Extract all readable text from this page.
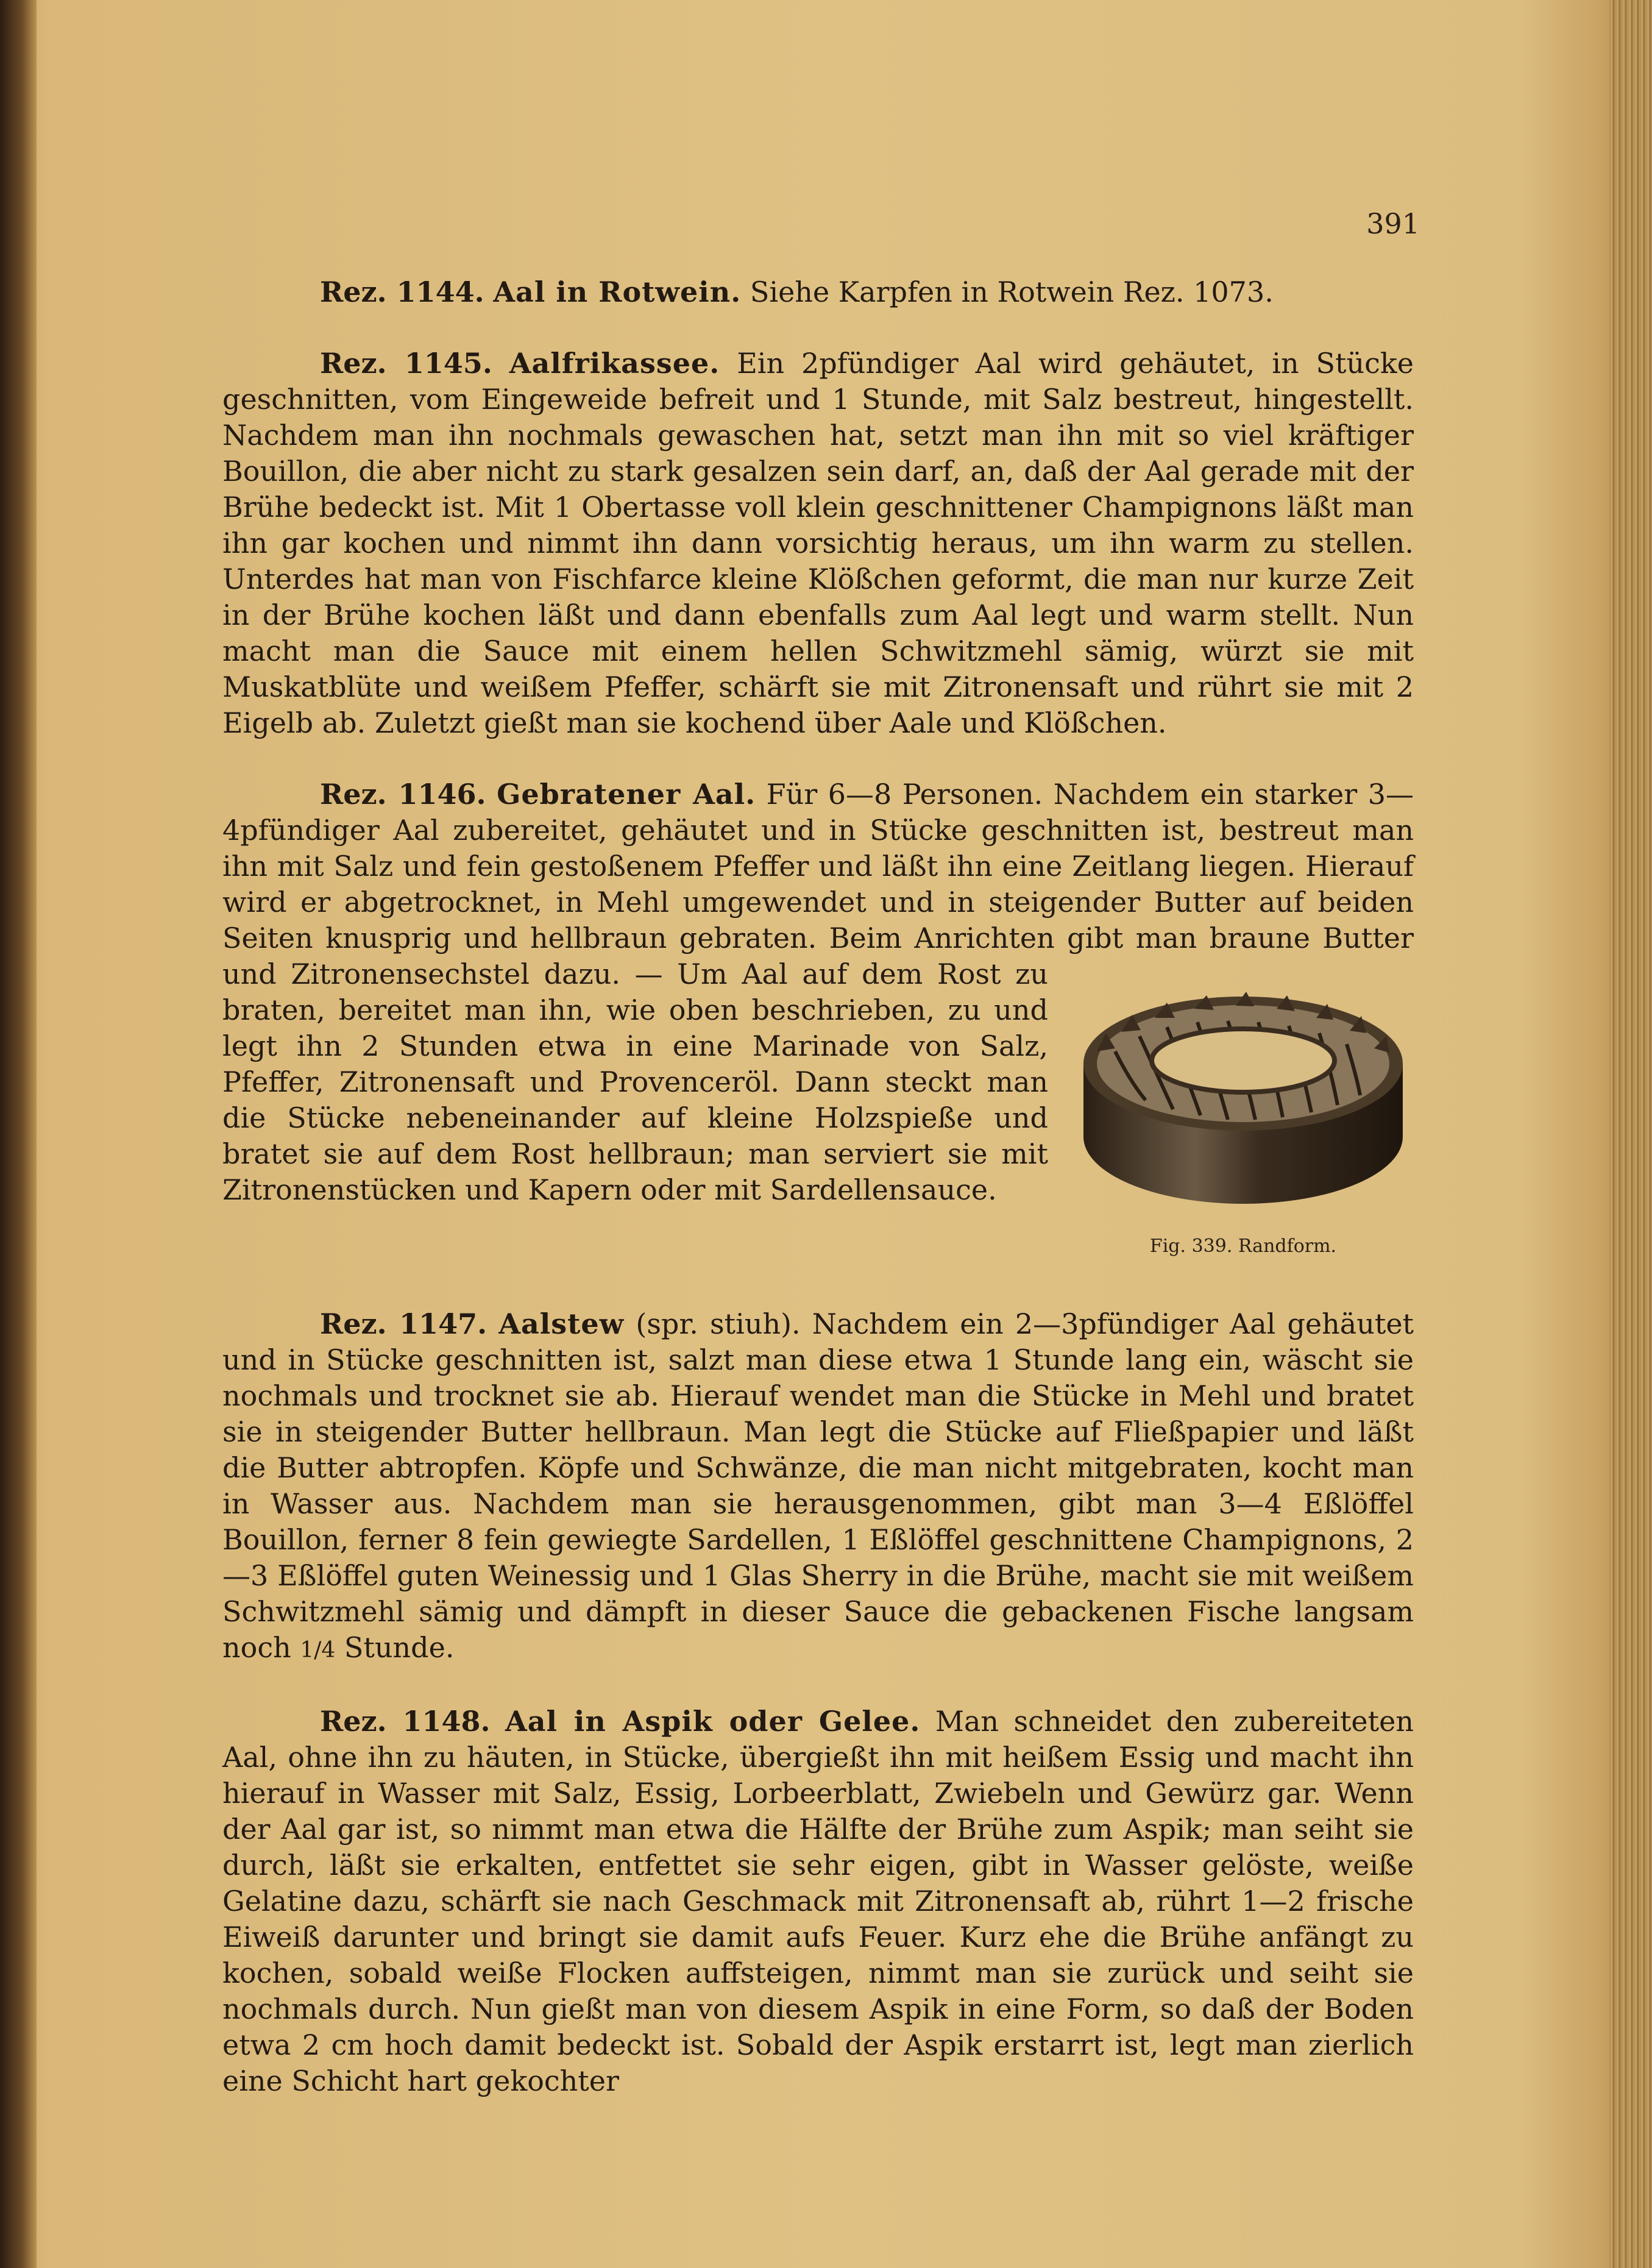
391

Rez. 1144. Aal in Rotwein. Siehe Karpfen in Rotwein Rez. 1073.

Rez. 1145. Aalfrikassee. Ein 2pfündiger Aal wird gehäutet, in Stücke geschnitten, vom Eingeweide befreit und 1 Stunde, mit Salz bestreut, hingestellt. Nachdem man ihn nochmals gewaschen hat, setzt man ihn mit so viel kräftiger Bouillon, die aber nicht zu stark gesalzen sein darf, an, daß der Aal gerade mit der Brühe bedeckt ist. Mit 1 Obertasse voll klein geschnittener Champignons läßt man ihn gar kochen und nimmt ihn dann vorsichtig heraus, um ihn warm zu stellen. Unterdes hat man von Fischfarce kleine Klößchen geformt, die man nur kurze Zeit in der Brühe kochen läßt und dann ebenfalls zum Aal legt und warm stellt. Nun macht man die Sauce mit einem hellen Schwitzmehl sämig, würzt sie mit Muskatblüte und weißem Pfeffer, schärft sie mit Zitronensaft und rührt sie mit 2 Eigelb ab. Zuletzt gießt man sie kochend über Aale und Klößchen.

Rez. 1146. Gebratener Aal. Für 6—8 Personen. Nachdem ein starker 3—4pfündiger Aal zubereitet, gehäutet und in Stücke geschnitten ist, bestreut man ihn mit Salz und fein gestoßenem Pfeffer und läßt ihn eine Zeitlang liegen. Hierauf wird er abgetrocknet, in Mehl umgewendet und in steigender Butter auf beiden Seiten knusprig und hellbraun gebraten. Beim Anrichten gibt man braune Butter und Zitronensechstel dazu.
Fig. 339. Randform.
— Um Aal auf dem Rost zu braten, bereitet man ihn, wie oben beschrieben, zu und legt ihn 2 Stunden etwa in eine Marinade von Salz, Pfeffer, Zitronensaft und Provenceröl. Dann steckt man die Stücke nebeneinander auf kleine Holzspieße und bratet sie auf dem Rost hellbraun; man serviert sie mit Zitronenstücken und Kapern oder mit Sardellensauce.

Rez. 1147. Aalstew (spr. stiuh). Nachdem ein 2—3pfündiger Aal gehäutet und in Stücke geschnitten ist, salzt man diese etwa 1 Stunde lang ein, wäscht sie nochmals und trocknet sie ab. Hierauf wendet man die Stücke in Mehl und bratet sie in steigender Butter hellbraun. Man legt die Stücke auf Fließpapier und läßt die Butter abtropfen. Köpfe und Schwänze, die man nicht mitgebraten, kocht man in Wasser aus. Nachdem man sie herausgenommen, gibt man 3—4 Eßlöffel Bouillon, ferner 8 fein gewiegte Sardellen, 1 Eßlöffel geschnittene Champignons, 2—3 Eßlöffel guten Weinessig und 1 Glas Sherry in die Brühe, macht sie mit weißem Schwitzmehl sämig und dämpft in dieser Sauce die gebackenen Fische langsam noch 1/4 Stunde.

Rez. 1148. Aal in Aspik oder Gelee. Man schneidet den zubereiteten Aal, ohne ihn zu häuten, in Stücke, übergießt ihn mit heißem Essig und macht ihn hierauf in Wasser mit Salz, Essig, Lorbeerblatt, Zwiebeln und Gewürz gar. Wenn der Aal gar ist, so nimmt man etwa die Hälfte der Brühe zum Aspik; man seiht sie durch, läßt sie erkalten, entfettet sie sehr eigen, gibt in Wasser gelöste, weiße Gelatine dazu, schärft sie nach Geschmack mit Zitronensaft ab, rührt 1—2 frische Eiweiß darunter und bringt sie damit aufs Feuer. Kurz ehe die Brühe anfängt zu kochen, sobald weiße Flocken auffsteigen, nimmt man sie zurück und seiht sie nochmals durch. Nun gießt man von diesem Aspik in eine Form, so daß der Boden etwa 2 cm hoch damit bedeckt ist. Sobald der Aspik erstarrt ist, legt man zierlich eine Schicht hart gekochter
